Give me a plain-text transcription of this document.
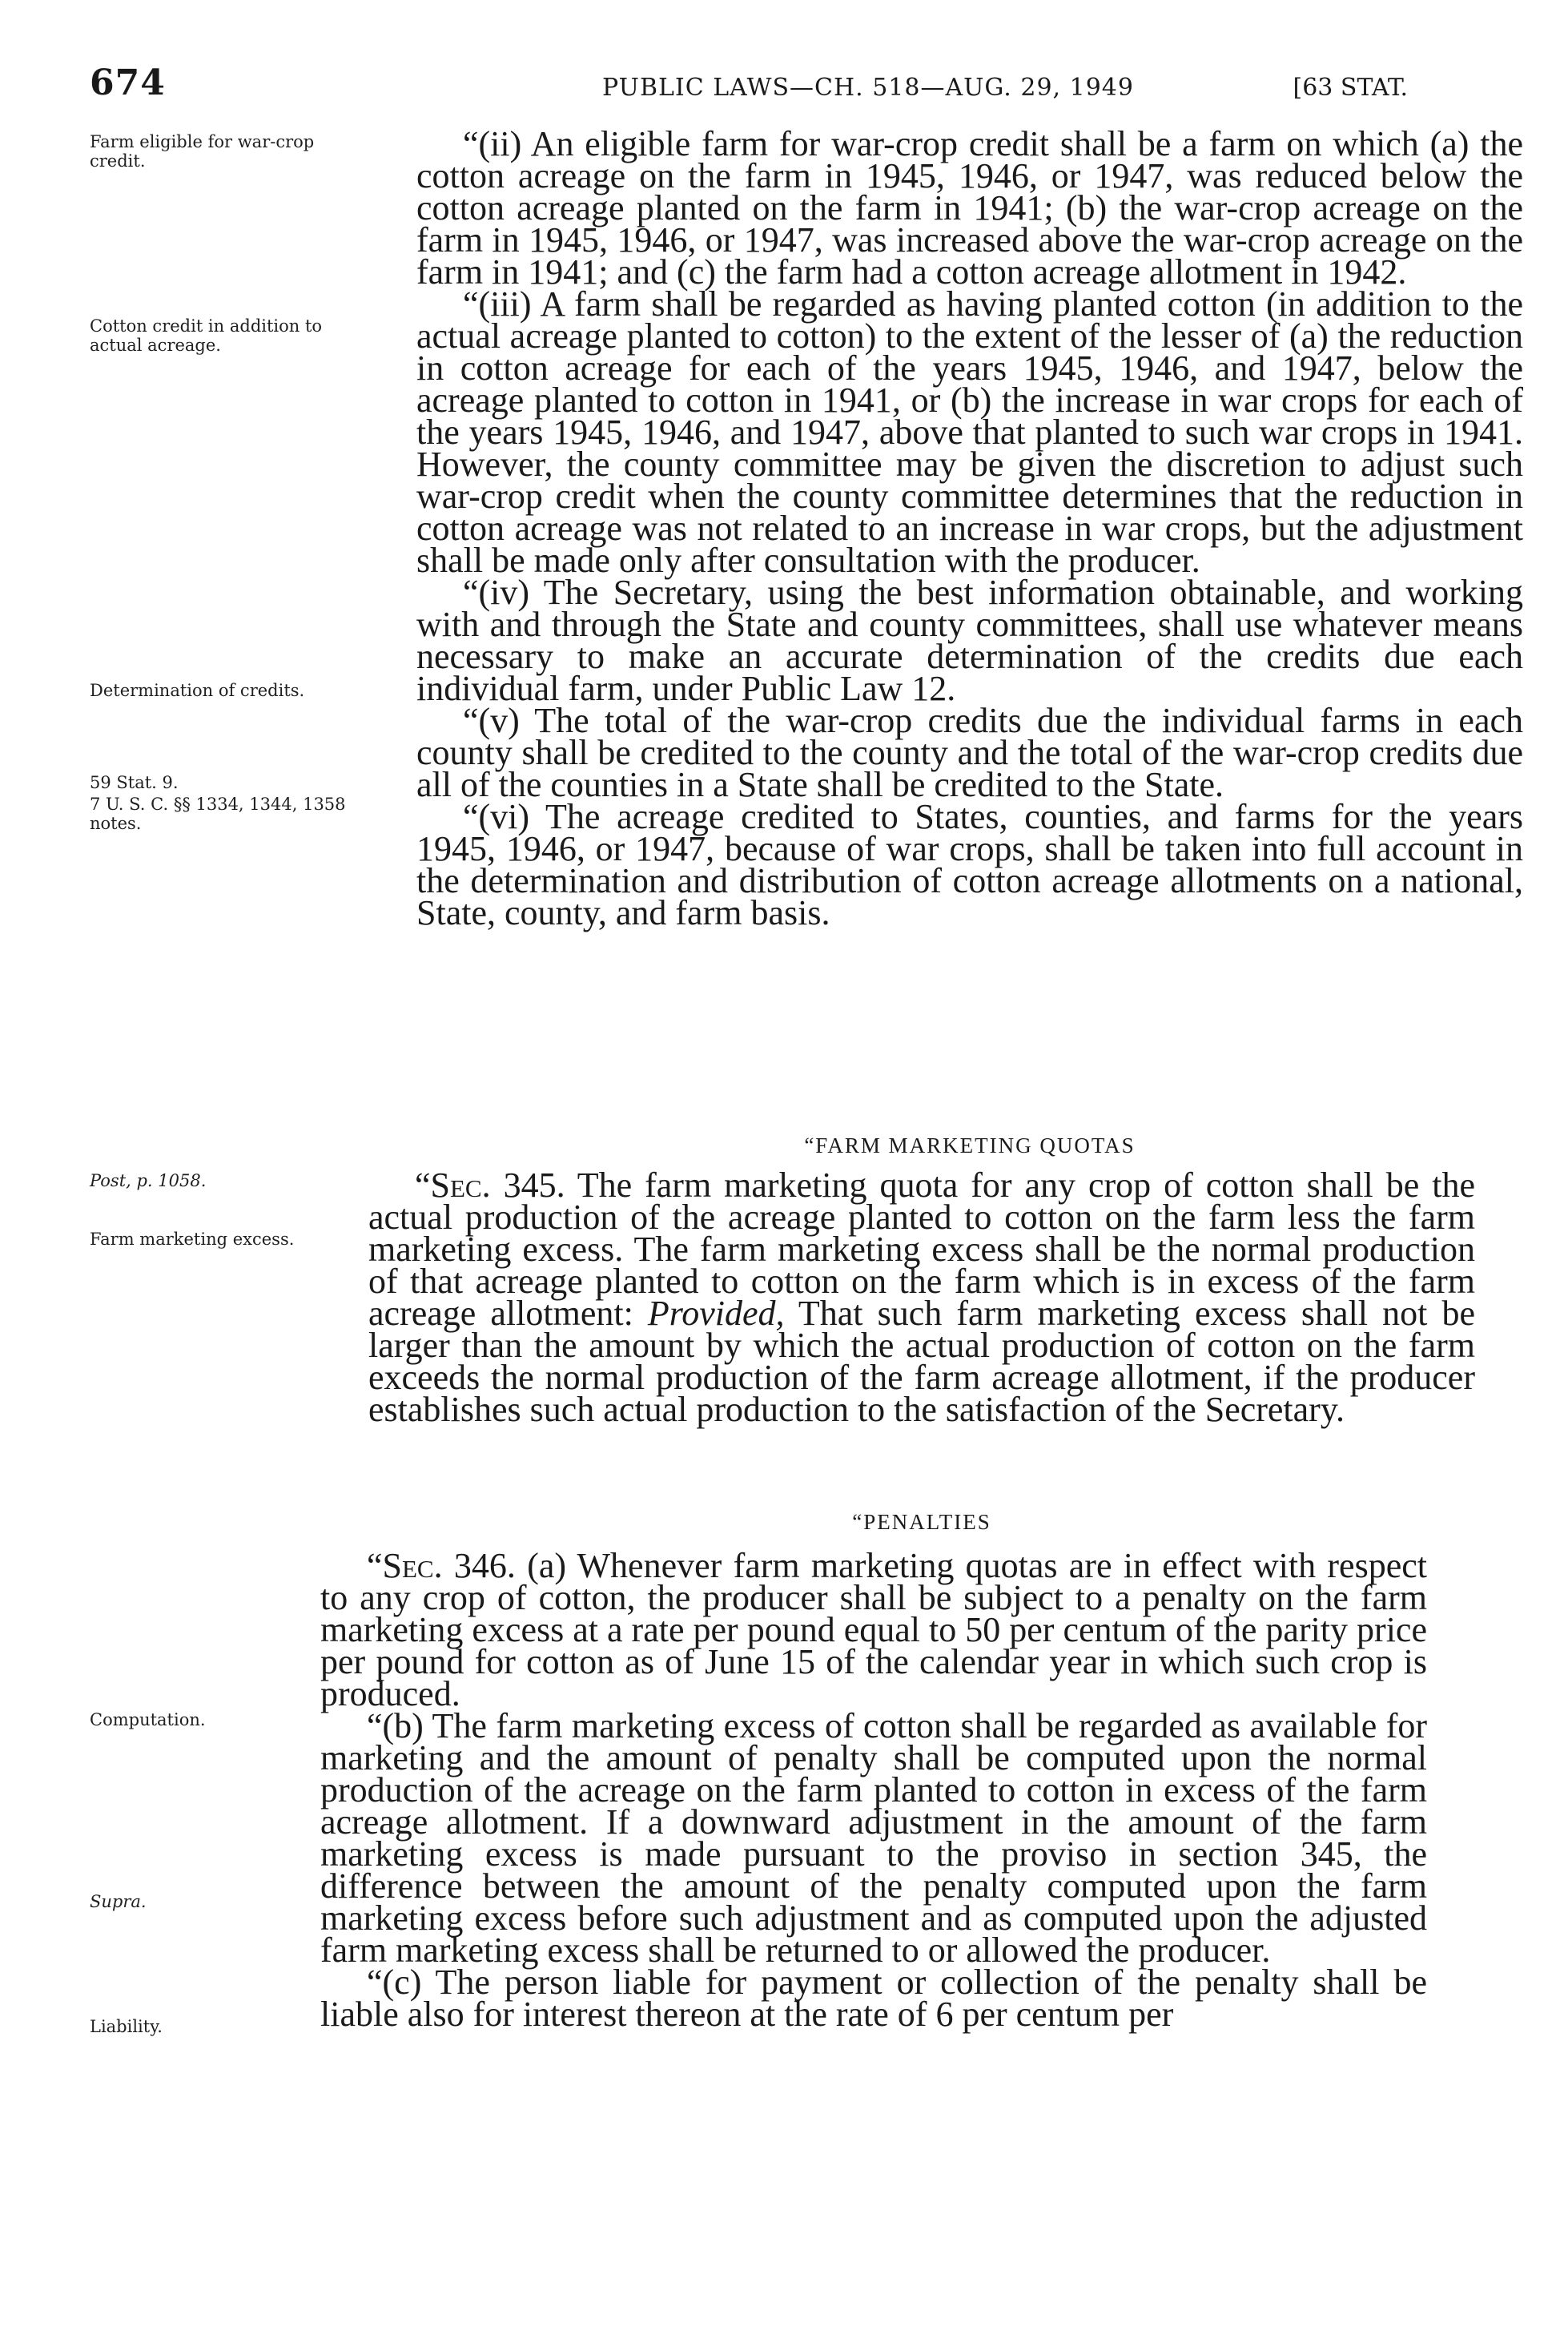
674	PUBLIC LAWS—CH. 518—AUG. 29, 1949	[63 STAT.
Farm eligible for war-crop credit.
Cotton credit in addition to actual acreage.
Determination of credits.
59 Stat. 9.
7 U. S. C. §§ 1334, 1344, 1358 notes.
Post, p. 1058.
Farm marketing excess.
Computation.
Supra.
Liability.

“(ii) An eligible farm for war-crop credit shall be a farm on which (a) the cotton acreage on the farm in 1945, 1946, or 1947, was reduced below the cotton acreage planted on the farm in 1941; (b) the war-crop acreage on the farm in 1945, 1946, or 1947, was increased above the war-crop acreage on the farm in 1941; and (c) the farm had a cotton acreage allotment in 1942.

“(iii) A farm shall be regarded as having planted cotton (in addition to the actual acreage planted to cotton) to the extent of the lesser of (a) the reduction in cotton acreage for each of the years 1945, 1946, and 1947, below the acreage planted to cotton in 1941, or (b) the increase in war crops for each of the years 1945, 1946, and 1947, above that planted to such war crops in 1941. However, the county committee may be given the discretion to adjust such war-crop credit when the county committee determines that the reduction in cotton acreage was not related to an increase in war crops, but the adjustment shall be made only after consultation with the producer.

“(iv) The Secretary, using the best information obtainable, and working with and through the State and county committees, shall use whatever means necessary to make an accurate determination of the credits due each individual farm, under Public Law 12.

“(v) The total of the war-crop credits due the individual farms in each county shall be credited to the county and the total of the war-crop credits due all of the counties in a State shall be credited to the State.

“(vi) The acreage credited to States, counties, and farms for the years 1945, 1946, or 1947, because of war crops, shall be taken into full account in the determination and distribution of cotton acreage allotments on a national, State, county, and farm basis.

“FARM MARKETING QUOTAS

“Sec. 345. The farm marketing quota for any crop of cotton shall be the actual production of the acreage planted to cotton on the farm less the farm marketing excess. The farm marketing excess shall be the normal production of that acreage planted to cotton on the farm which is in excess of the farm acreage allotment: Provided, That such farm marketing excess shall not be larger than the amount by which the actual production of cotton on the farm exceeds the normal production of the farm acreage allotment, if the producer establishes such actual production to the satisfaction of the Secretary.

“PENALTIES

“Sec. 346. (a) Whenever farm marketing quotas are in effect with respect to any crop of cotton, the producer shall be subject to a penalty on the farm marketing excess at a rate per pound equal to 50 per centum of the parity price per pound for cotton as of June 15 of the calendar year in which such crop is produced.

“(b) The farm marketing excess of cotton shall be regarded as available for marketing and the amount of penalty shall be computed upon the normal production of the acreage on the farm planted to cotton in excess of the farm acreage allotment. If a downward adjustment in the amount of the farm marketing excess is made pursuant to the proviso in section 345, the difference between the amount of the penalty computed upon the farm marketing excess before such adjustment and as computed upon the adjusted farm marketing excess shall be returned to or allowed the producer.

“(c) The person liable for payment or collection of the penalty shall be liable also for interest thereon at the rate of 6 per centum per
